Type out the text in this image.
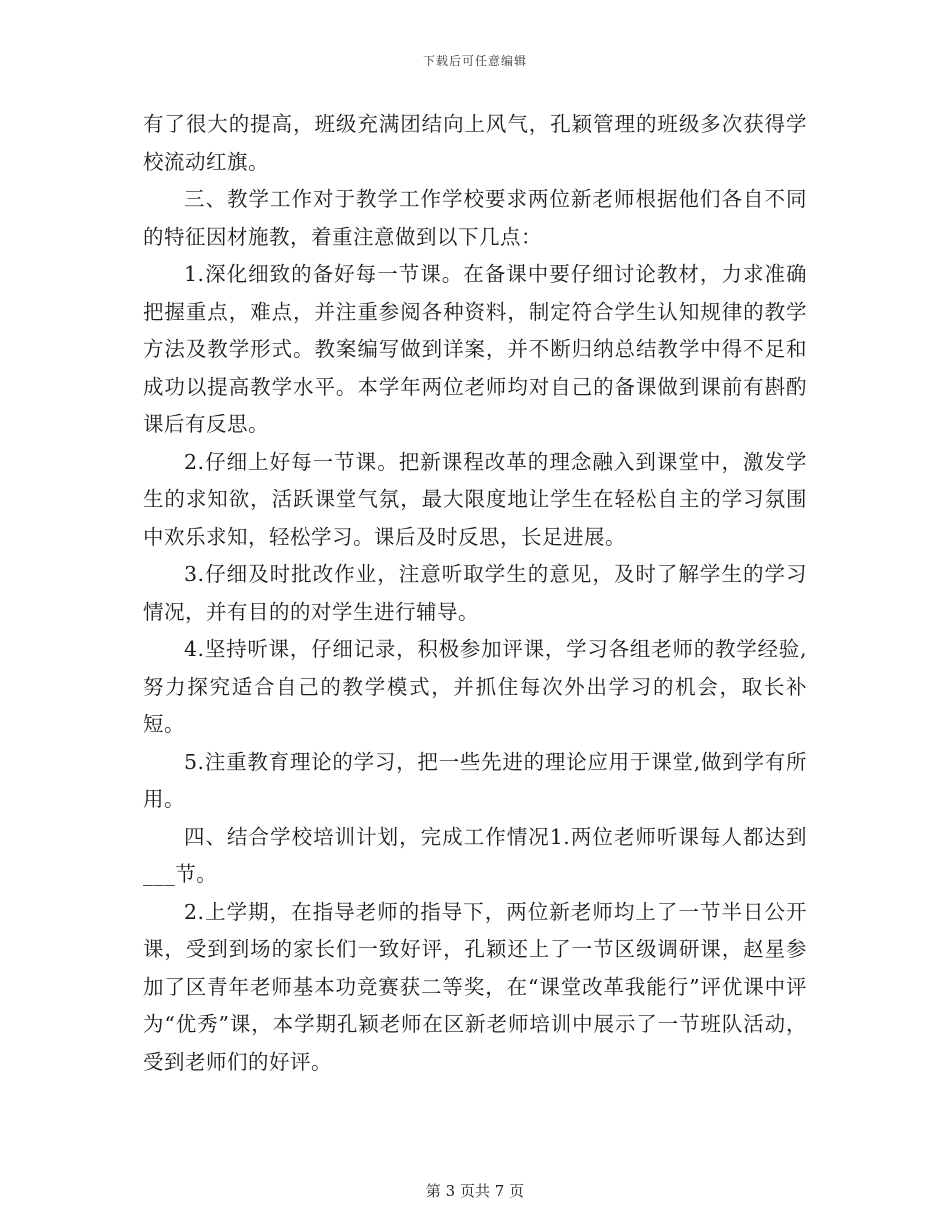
下载后可任意编辑

有了很大的提高，班级充满团结向上风气，孔颖管理的班级多次获得学校流动红旗。

三、教学工作对于教学工作学校要求两位新老师根据他们各自不同的特征因材施教，着重注意做到以下几点：

1.深化细致的备好每一节课。在备课中要仔细讨论教材，力求准确把握重点，难点，并注重参阅各种资料，制定符合学生认知规律的教学方法及教学形式。教案编写做到详案，并不断归纳总结教学中得不足和成功以提高教学水平。本学年两位老师均对自己的备课做到课前有斟酌课后有反思。

2.仔细上好每一节课。把新课程改革的理念融入到课堂中，激发学生的求知欲，活跃课堂气氛，最大限度地让学生在轻松自主的学习氛围中欢乐求知，轻松学习。课后及时反思，长足进展。

3.仔细及时批改作业，注意听取学生的意见，及时了解学生的学习情况，并有目的的对学生进行辅导。

4.坚持听课，仔细记录，积极参加评课，学习各组老师的教学经验,努力探究适合自己的教学模式，并抓住每次外出学习的机会，取长补短。

5.注重教育理论的学习，把一些先进的理论应用于课堂,做到学有所用。

四、结合学校培训计划，完成工作情况1.两位老师听课每人都达到___节。

2.上学期，在指导老师的指导下，两位新老师均上了一节半日公开课，受到到场的家长们一致好评，孔颖还上了一节区级调研课，赵星参加了区青年老师基本功竞赛获二等奖，在“课堂改革我能行”评优课中评为“优秀”课，本学期孔颖老师在区新老师培训中展示了一节班队活动，受到老师们的好评。

第 3 页共 7 页
